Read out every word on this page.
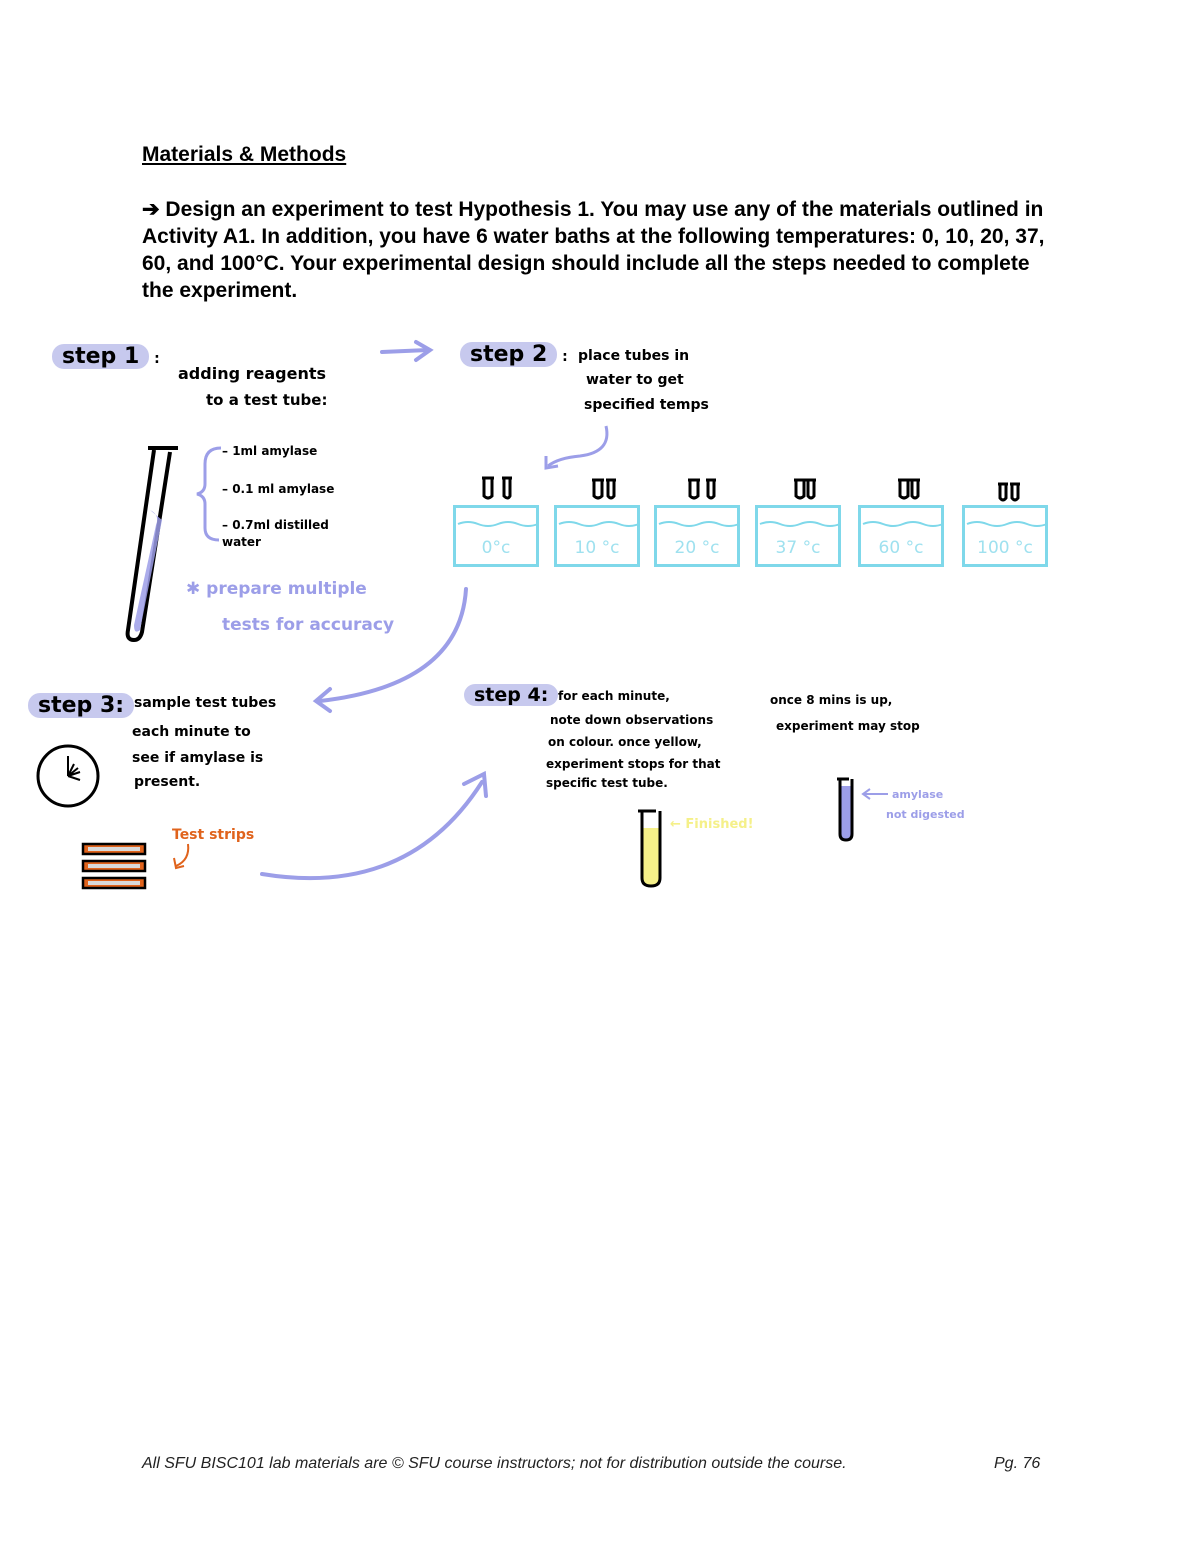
Materials & Methods
➔ Design an experiment to test Hypothesis 1. You may use any of the materials outlined in Activity A1. In addition, you have 6 water baths at the following temperatures: 0, 10, 20, 37, 60, and 100°C. Your experimental design should include all the steps needed to complete the experiment.
step 1 :
adding reagents
to a test tube:
– 1ml amylase
– 0.1 ml amylase
– 0.7ml distilled water
✱ prepare multiple
tests for accuracy
step 2 : place tubes in
water to get
specified temps
0°c	10 °c	20 °c	37 °c	60 °c	100 °c
step 3: sample test tubes
each minute to
see if amylase is
present.
Test strips
step 4: for each minute,
note down observations
on colour. once yellow,
experiment stops for that
specific test tube.
once 8 mins is up,
experiment may stop
← Finished!
amylase
not digested
All SFU BISC101 lab materials are © SFU course instructors; not for distribution outside the course.	Pg. 76
